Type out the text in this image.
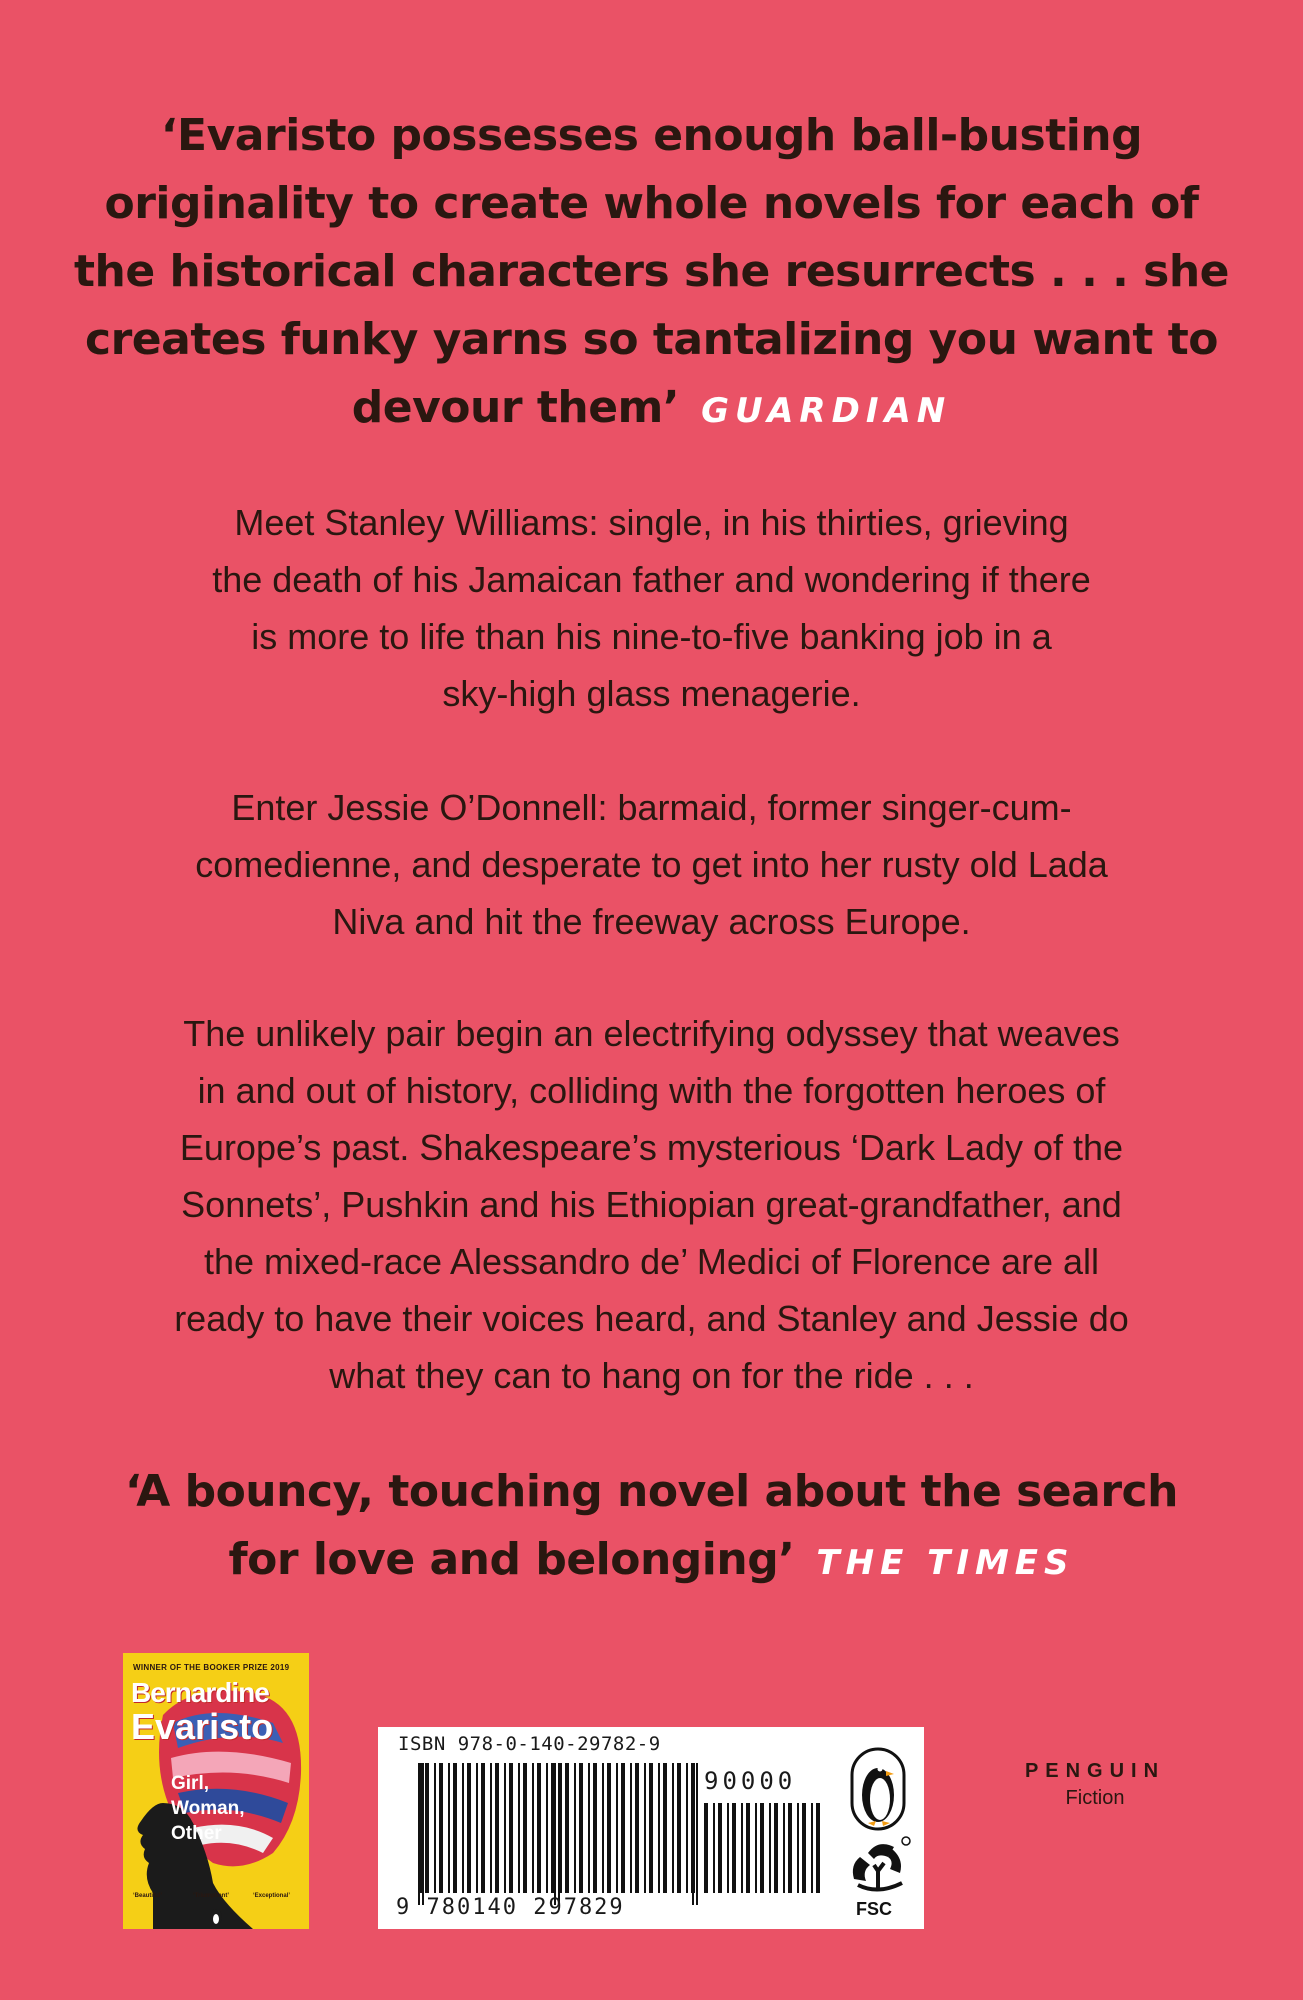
‘Evaristo possesses enough ball-busting
originality to create whole novels for each of
the historical characters she resurrects . . . she
creates funky yarns so tantalizing you want to
devour them’ GUARDIAN
Meet Stanley Williams: single, in his thirties, grieving
the death of his Jamaican father and wondering if there
is more to life than his nine-to-five banking job in a
sky-high glass menagerie.
Enter Jessie O’Donnell: barmaid, former singer-cum-
comedienne, and desperate to get into her rusty old Lada
Niva and hit the freeway across Europe.
The unlikely pair begin an electrifying odyssey that weaves
in and out of history, colliding with the forgotten heroes of
Europe’s past. Shakespeare’s mysterious ‘Dark Lady of the
Sonnets’, Pushkin and his Ethiopian great-grandfather, and
the mixed-race Alessandro de’ Medici of Florence are all
ready to have their voices heard, and Stanley and Jessie do
what they can to hang on for the ride . . .
‘A bouncy, touching novel about the search
for love and belonging’ THE TIMES
WINNER OF THE BOOKER PRIZE 2019
Bernardine
Evaristo
Girl,
Woman,
Other
‘Beautiful’	‘Triumphant’	‘Exceptional’
ISBN 978-0-140-29782-9
90000
9 780140 297829	FSC
PENGUIN
Fiction
